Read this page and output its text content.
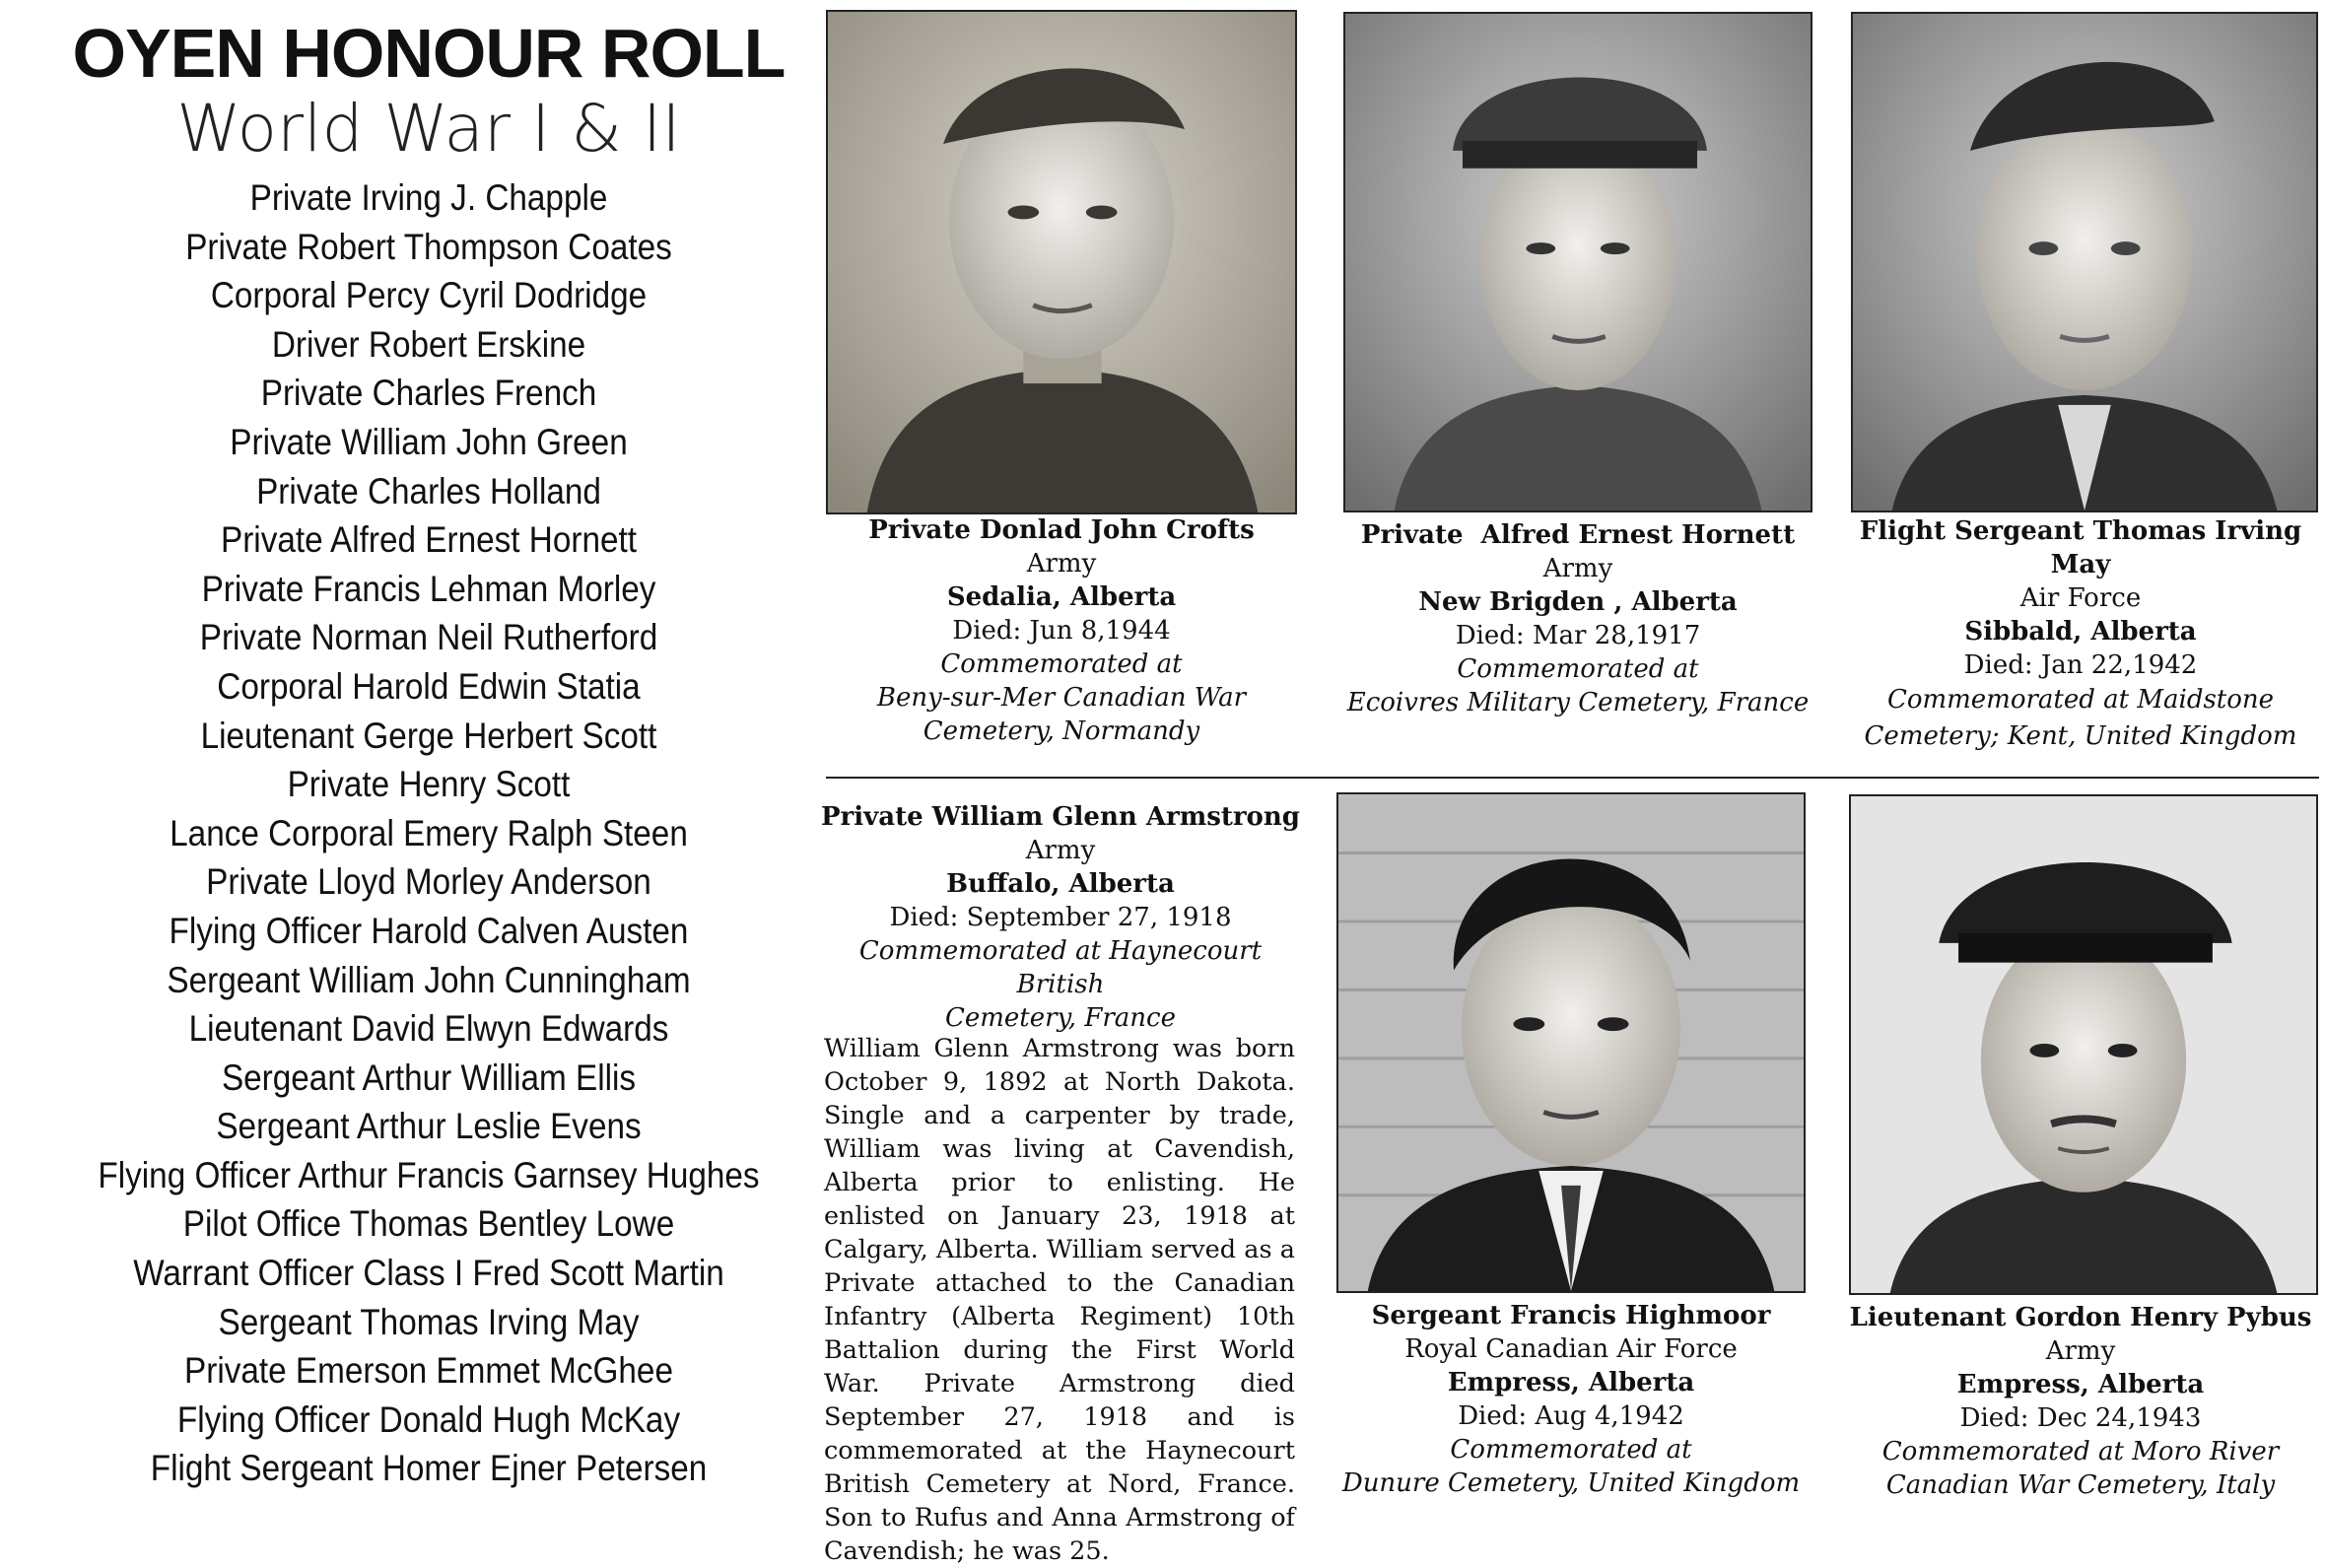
OYEN HONOUR ROLL
World War I & II
Private Irving J. Chapple
Private Robert Thompson Coates
Corporal Percy Cyril Dodridge
Driver Robert Erskine
Private Charles French
Private William John Green
Private Charles Holland
Private Alfred Ernest Hornett
Private Francis Lehman Morley
Private Norman Neil Rutherford
Corporal Harold Edwin Statia
Lieutenant Gerge Herbert Scott
Private Henry Scott
Lance Corporal Emery Ralph Steen
Private Lloyd Morley Anderson
Flying Officer Harold Calven Austen
Sergeant William John Cunningham
Lieutenant David Elwyn Edwards
Sergeant Arthur William Ellis
Sergeant Arthur Leslie Evens
Flying Officer Arthur Francis Garnsey Hughes
Pilot Office Thomas Bentley Lowe
Warrant Officer Class I Fred Scott Martin
Sergeant Thomas Irving May
Private Emerson Emmet McGhee
Flying Officer Donald Hugh McKay
Flight Sergeant Homer Ejner Petersen
Private Donlad John Crofts
Army
Sedalia, Alberta
Died: Jun 8,1944
Commemorated at
Beny-sur-Mer Canadian War
Cemetery, Normandy
Private  Alfred Ernest Hornett
Army
New Brigden , Alberta
Died: Mar 28,1917
Commemorated at
Ecoivres Military Cemetery, France
Flight Sergeant Thomas Irving May
Air Force
Sibbald, Alberta
Died: Jan 22,1942
Commemorated at Maidstone
Cemetery; Kent, United Kingdom
Private William Glenn Armstrong
Army
Buffalo, Alberta
Died: September 27, 1918
Commemorated at Haynecourt British
Cemetery, France
William Glenn Armstrong was born October 9, 1892 at North Dakota. Single and a carpenter by trade, William was living at Cavendish, Alberta prior to enlisting. He enlisted on January 23, 1918 at Calgary, Alberta. William served as a Private attached to the Canadian Infantry (Alberta Regiment) 10th Battalion during the First World War. Private Armstrong died September 27, 1918 and is commemorated at the Haynecourt British Cemetery at Nord, France. Son to Rufus and Anna Armstrong of Cavendish; he was 25.
Sergeant Francis Highmoor
Royal Canadian Air Force
Empress, Alberta
Died: Aug 4,1942
Commemorated at
Dunure Cemetery, United Kingdom
Lieutenant Gordon Henry Pybus
Army
Empress, Alberta
Died: Dec 24,1943
Commemorated at Moro River
Canadian War Cemetery, Italy
